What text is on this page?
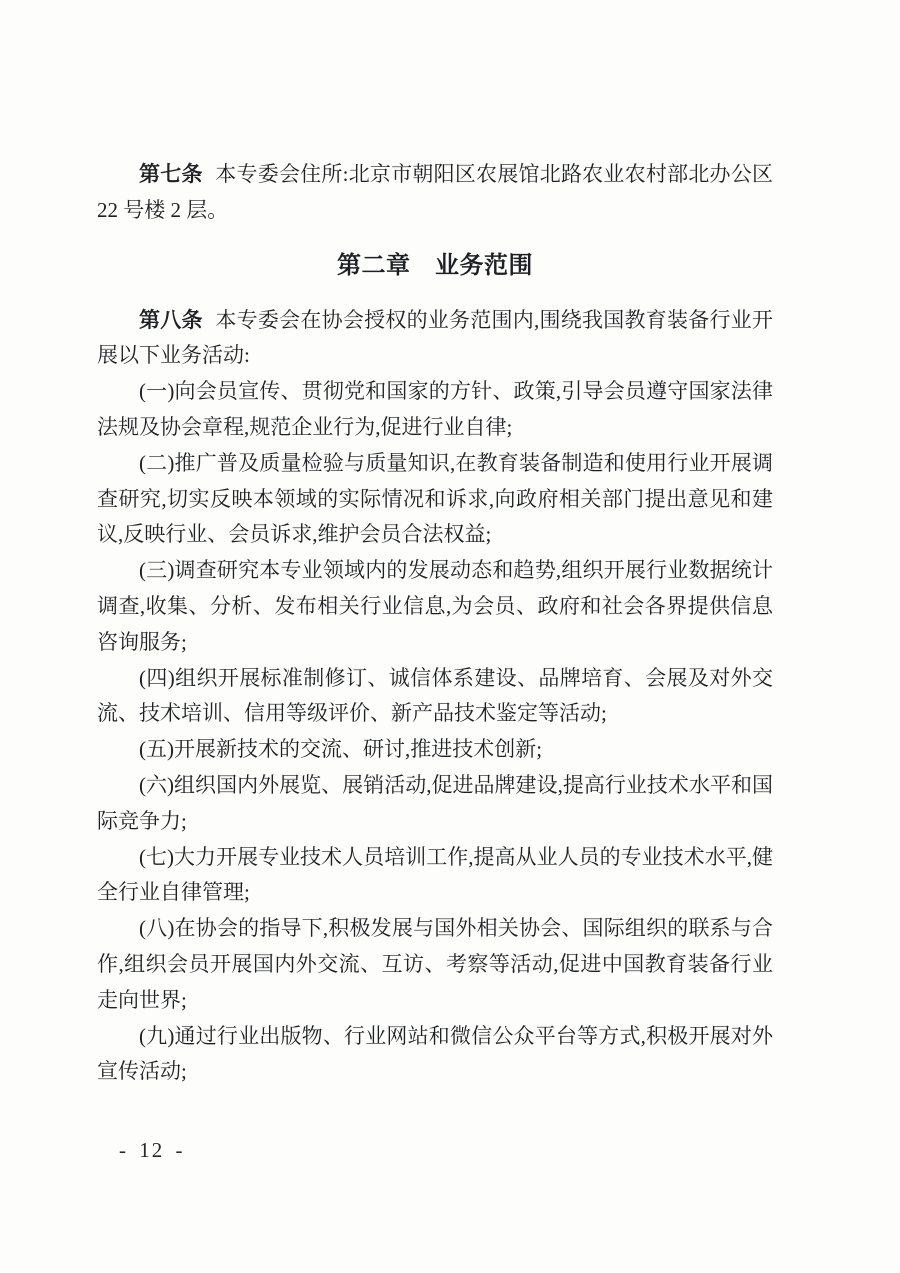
第七条 本专委会住所:北京市朝阳区农展馆北路农业农村部北办公区 22 号楼 2 层。

第二章　业务范围

第八条 本专委会在协会授权的业务范围内,围绕我国教育装备行业开展以下业务活动:

(一)向会员宣传、贯彻党和国家的方针、政策,引导会员遵守国家法律法规及协会章程,规范企业行为,促进行业自律;

(二)推广普及质量检验与质量知识,在教育装备制造和使用行业开展调查研究,切实反映本领域的实际情况和诉求,向政府相关部门提出意见和建议,反映行业、会员诉求,维护会员合法权益;

(三)调查研究本专业领域内的发展动态和趋势,组织开展行业数据统计调查,收集、分析、发布相关行业信息,为会员、政府和社会各界提供信息咨询服务;

(四)组织开展标准制修订、诚信体系建设、品牌培育、会展及对外交流、技术培训、信用等级评价、新产品技术鉴定等活动;

(五)开展新技术的交流、研讨,推进技术创新;

(六)组织国内外展览、展销活动,促进品牌建设,提高行业技术水平和国际竞争力;

(七)大力开展专业技术人员培训工作,提高从业人员的专业技术水平,健全行业自律管理;

(八)在协会的指导下,积极发展与国外相关协会、国际组织的联系与合作,组织会员开展国内外交流、互访、考察等活动,促进中国教育装备行业走向世界;

(九)通过行业出版物、行业网站和微信公众平台等方式,积极开展对外宣传活动;

- 12 -
